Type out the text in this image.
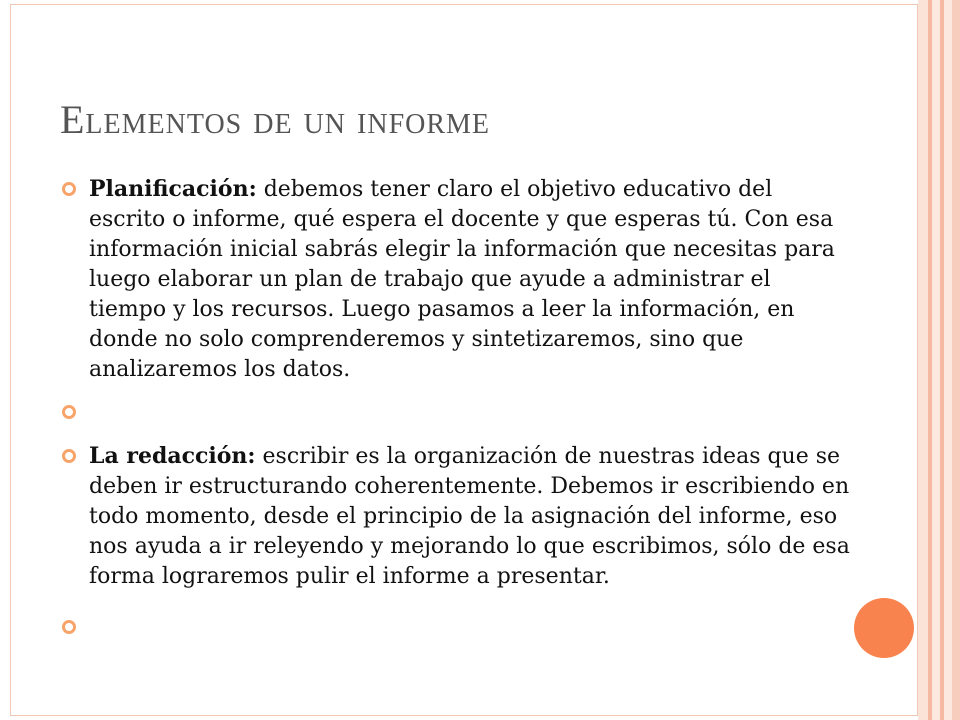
Elementos de un informe
Planificación: debemos tener claro el objetivo educativo del escrito o informe, qué espera el docente y que esperas tú. Con esa información inicial sabrás elegir la información que necesitas para luego elaborar un plan de trabajo que ayude a administrar el tiempo y los recursos. Luego pasamos a leer la información, en donde no solo comprenderemos y sintetizaremos, sino que analizaremos los datos.
La redacción: escribir es la organización de nuestras ideas que se deben ir estructurando coherentemente. Debemos ir escribiendo en todo momento, desde el principio de la asignación del informe, eso nos ayuda a ir releyendo y mejorando lo que escribimos, sólo de esa forma lograremos pulir el informe a presentar.
